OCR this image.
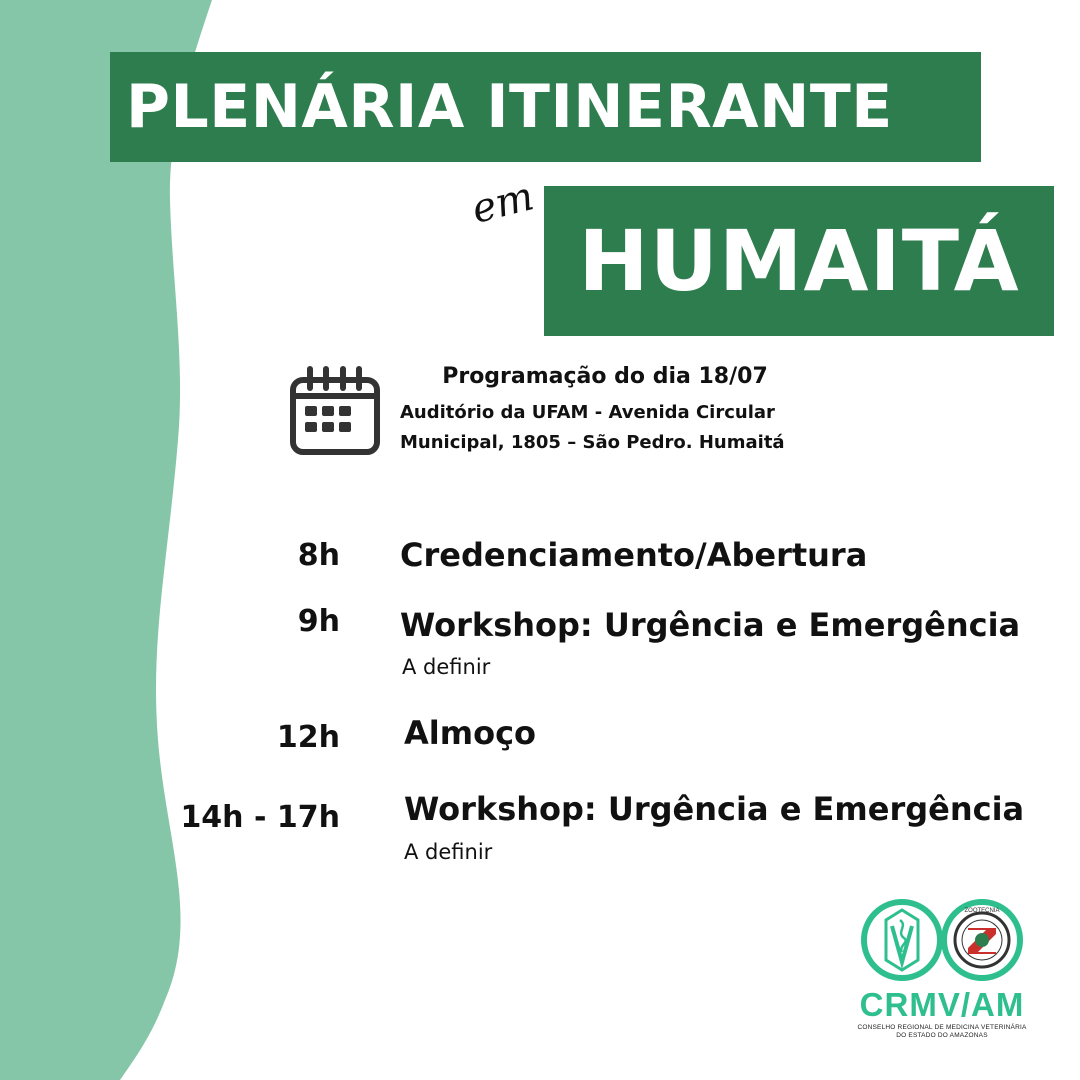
PLENÁRIA ITINERANTE
em
HUMAITÁ
Programação do dia 18/07
Auditório da UFAM - Avenida Circular
Municipal, 1805 – São Pedro. Humaitá
8h Credenciamento/Abertura
9h Workshop: Urgência e Emergência
A definir
12h Almoço
14h - 17h Workshop: Urgência e Emergência
A definir
ZOOTECNIA
CRMV/AM
CONSELHO REGIONAL DE MEDICINA VETERINÁRIA
DO ESTADO DO AMAZONAS
